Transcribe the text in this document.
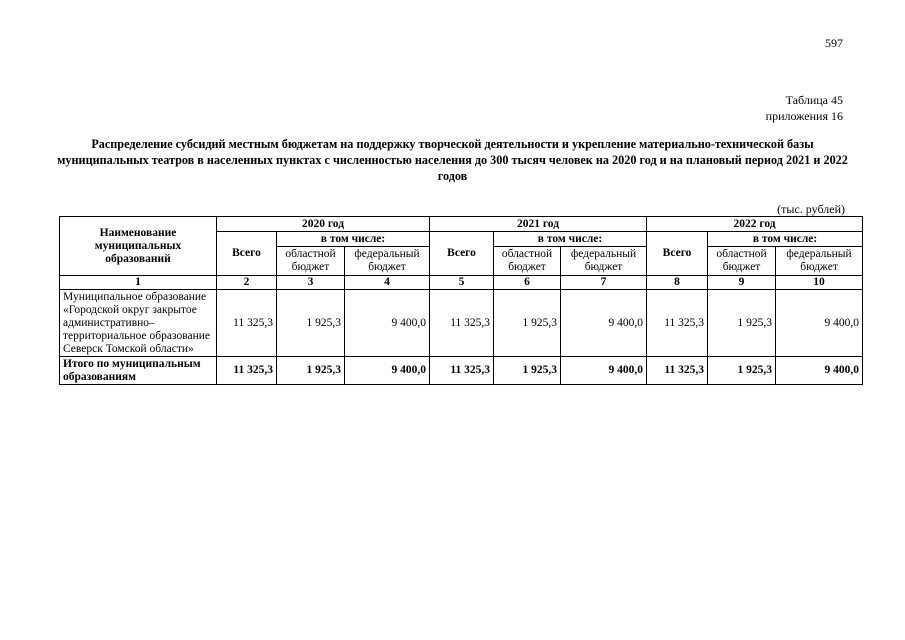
597
Таблица 45
приложения 16
Распределение субсидий местным бюджетам на поддержку творческой деятельности и укрепление материально-технической базы муниципальных театров в населенных пунктах с численностью населения до 300 тысяч человек на 2020 год и на плановый период 2021 и 2022 годов
(тыс. рублей)
Наименование муниципальных образований	2020 год			2021 год			2022 год		
	Всего	в том числе:		Всего	в том числе:		Всего	в том числе:	
		областной бюджет	федеральный бюджет		областной бюджет	федеральный бюджет		областной бюджет	федеральный бюджет
1	2	3	4	5	6	7	8	9	10
Муниципальное образование «Городской округ закрытое административно–территориальное образование Северск Томской области»	11 325,3	1 925,3	9 400,0	11 325,3	1 925,3	9 400,0	11 325,3	1 925,3	9 400,0
Итого по муниципальным образованиям	11 325,3	1 925,3	9 400,0	11 325,3	1 925,3	9 400,0	11 325,3	1 925,3	9 400,0
